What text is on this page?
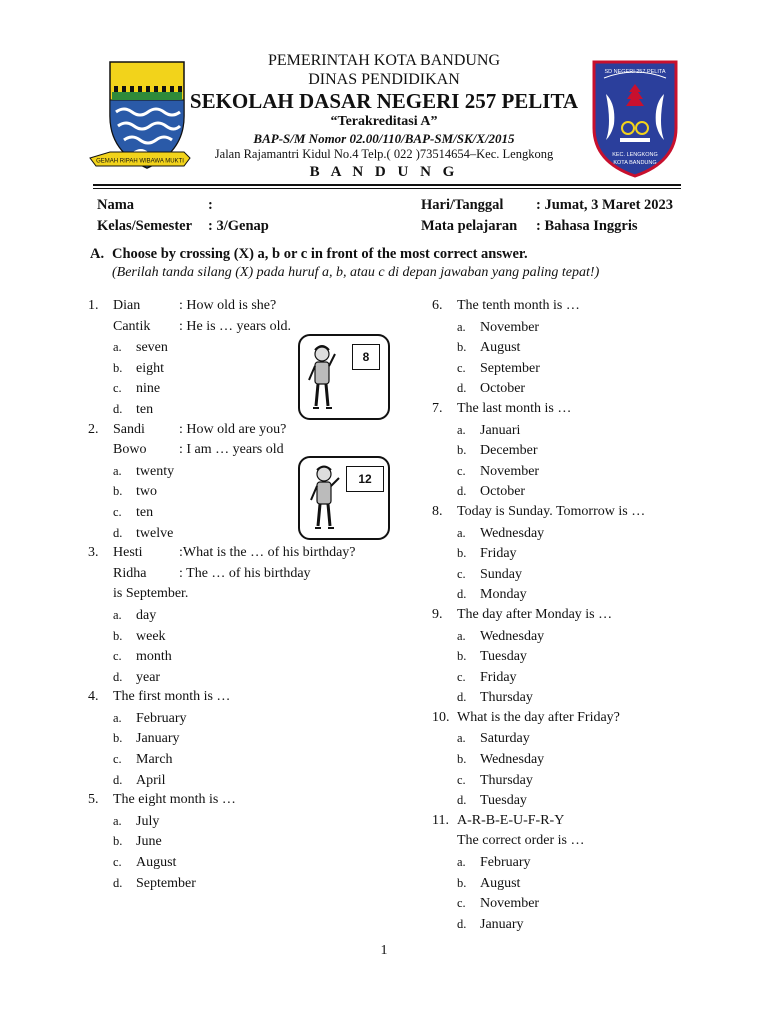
GEMAH RIPAH WIBAWA MUKTI
SD NEGERI 257 PELITA
KEC. LENGKONG
KOTA BANDUNG
PEMERINTAH KOTA BANDUNG
DINAS PENDIDIKAN
SEKOLAH DASAR NEGERI 257 PELITA
“Terakreditasi A”
BAP-S/M Nomor 02.00/110/BAP-SM/SK/X/2015
Jalan Rajamantri Kidul No.4 Telp.( 022 )73514654–Kec. Lengkong
B A N D U N G
Nama	:
Kelas/Semester : 3/Genap
Hari/Tanggal : Jumat, 3 Maret 2023
Mata pelajaran : Bahasa Inggris
A. Choose by crossing (X) a, b or c in front of the most correct answer.
(Berilah tanda silang (X) pada huruf a, b, atau c di depan jawaban yang paling tepat!)
1. Dian	: How old is she?
Cantik : He is … years old.
a. seven
b. eight
c. nine
d. ten
2. Sandi : How old are you?
Bowo : I am … years old
a. twenty
b. two
c. ten
d. twelve
3. Hesti	:What is the … of his birthday?
Ridha : The … of his birthday
is September.
a. day
b. week
c. month
d. year
4. The first month is …
a. February
b. January
c. March
d. April
5. The eight month is …
a. July
b. June
c. August
d. September
6. The tenth month is …
a. November
b. August
c. September
d. October
7. The last month is …
a. Januari
b. December
c. November
d. October
8. Today is Sunday. Tomorrow is …
a. Wednesday
b. Friday
c. Sunday
d. Monday
9. The day after Monday is …
a. Wednesday
b. Tuesday
c. Friday
d. Thursday
10. What is the day after Friday?
a. Saturday
b. Wednesday
c. Thursday
d. Tuesday
11. A-R-B-E-U-F-R-Y
The correct order is …
a. February
b. August
c. November
d. January
8
12
1
